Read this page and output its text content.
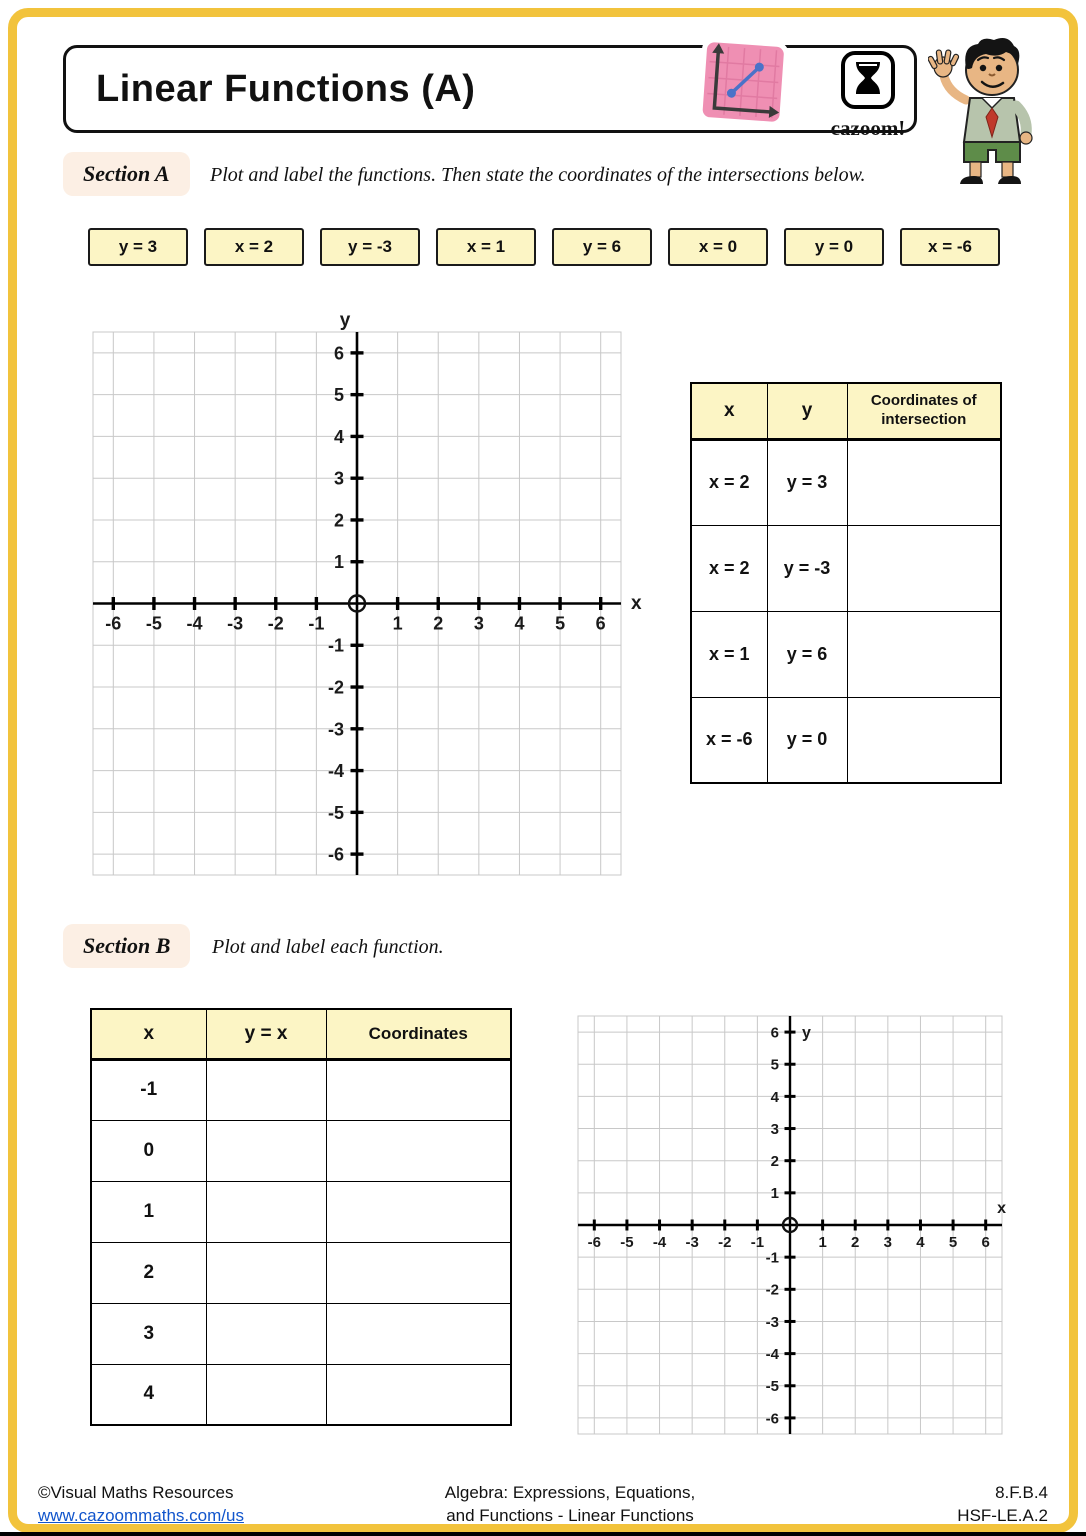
Linear Functions (A)
cazoom!
Section A	Plot and label the functions. Then state the coordinates of the intersections below.
y = 3	x = 2	y = -3	x = 1	y = 6	x = 0	y = 0	x = -6
-6 -5 -4 -3 -2 -1	1 2 3 4 5 6
6
5
4
3
2
1
-1
-2
-3
-4
-5
-6
x
y
x	y	Coordinates of intersection
x = 2	y = 3	
x = 2	y = -3	
x = 1	y = 6	
x = -6	y = 0	
Section B	Plot and label each function.
x	y = x	Coordinates
-1		
0		
1		
2		
3		
4		
-6 -5 -4 -3 -2 -1	1 2 3 4 5 6
6
5
4
3
2
1
-1
-2
-3
-4
-5
-6
x
y
©Visual Maths Resources
www.cazoommaths.com/us
Algebra: Expressions, Equations,
and Functions - Linear Functions
8.F.B.4
HSF-LE.A.2
